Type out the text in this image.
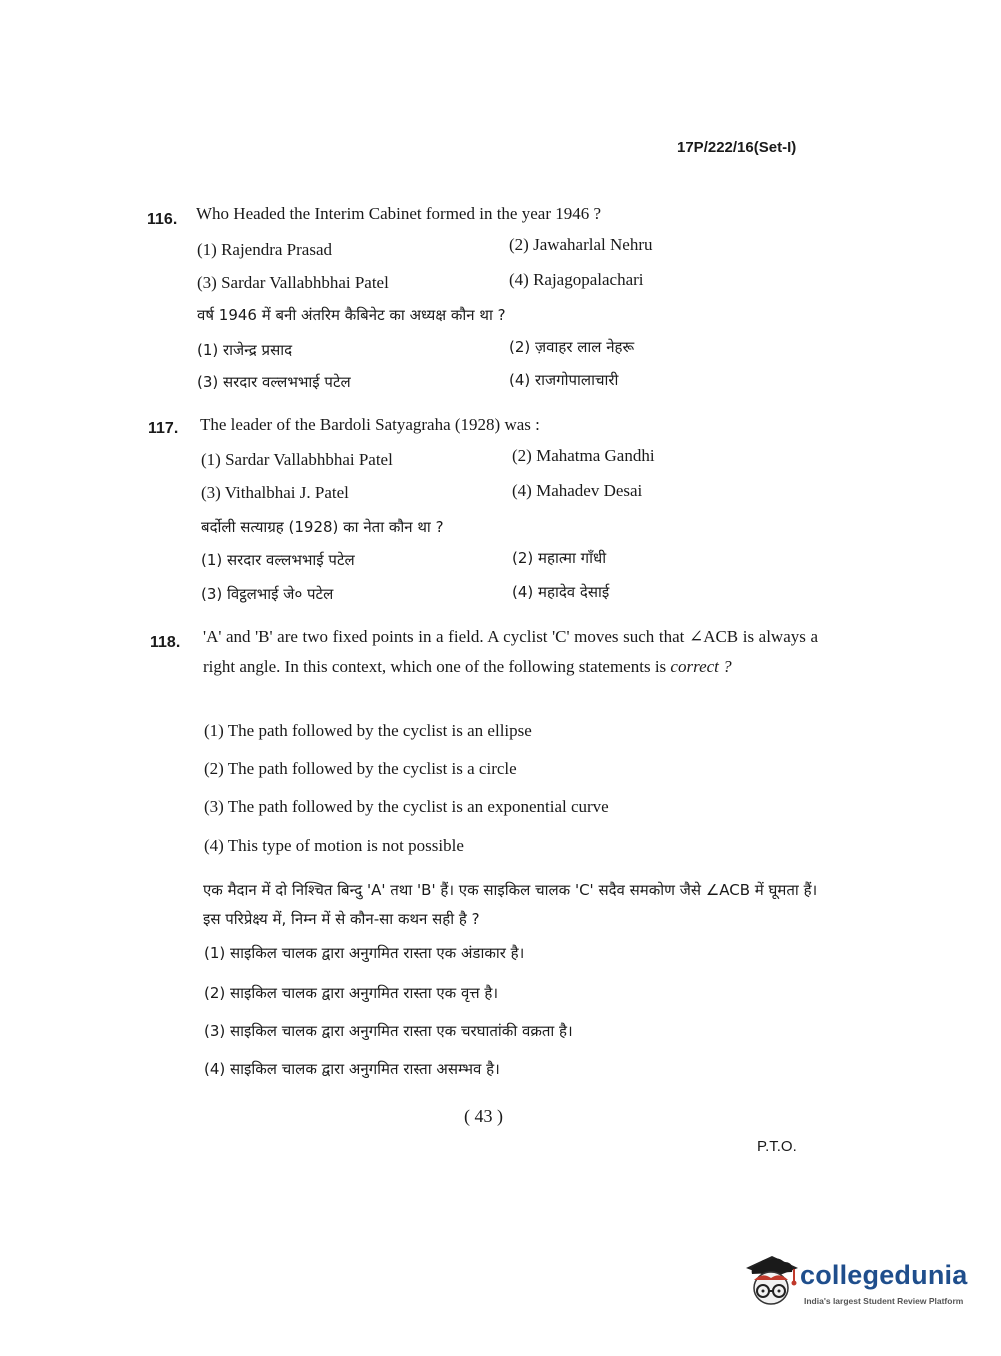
17P/222/16(Set-I)
116. Who Headed the Interim Cabinet formed in the year 1946 ?
(1) Rajendra Prasad	(2) Jawaharlal Nehru
(3) Sardar Vallabhbhai Patel	(4) Rajagopalachari
वर्ष 1946 में बनी अंतरिम कैबिनेट का अध्यक्ष कौन था ?
(1) राजेन्द्र प्रसाद	(2) ज़वाहर लाल नेहरू
(3) सरदार वल्लभभाई पटेल	(4) राजगोपालाचारी
117. The leader of the Bardoli Satyagraha (1928) was :
(1) Sardar Vallabhbhai Patel	(2) Mahatma Gandhi
(3) Vithalbhai J. Patel	(4) Mahadev Desai
बर्दोली सत्याग्रह (1928) का नेता कौन था ?
(1) सरदार वल्लभभाई पटेल	(2) महात्मा गाँधी
(3) विट्ठलभाई जे० पटेल	(4) महादेव देसाई
118. 'A' and 'B' are two fixed points in a field. A cyclist 'C' moves such that ∠ACB is always a right angle. In this context, which one of the following statements is correct ?
(1) The path followed by the cyclist is an ellipse
(2) The path followed by the cyclist is a circle
(3) The path followed by the cyclist is an exponential curve
(4) This type of motion is not possible
एक मैदान में दो निश्चित बिन्दु 'A' तथा 'B' हैं। एक साइकिल चालक 'C' सदैव समकोण जैसे ∠ACB में घूमता हैं। इस परिप्रेक्ष्य में, निम्न में से कौन-सा कथन सही है ?
(1) साइकिल चालक द्वारा अनुगमित रास्ता एक अंडाकार है।
(2) साइकिल चालक द्वारा अनुगमित रास्ता एक वृत्त है।
(3) साइकिल चालक द्वारा अनुगमित रास्ता एक चरघातांकी वक्रता है।
(4) साइकिल चालक द्वारा अनुगमित रास्ता असम्भव है।
( 43 )
P.T.O.
collegedunia
India's largest Student Review Platform
